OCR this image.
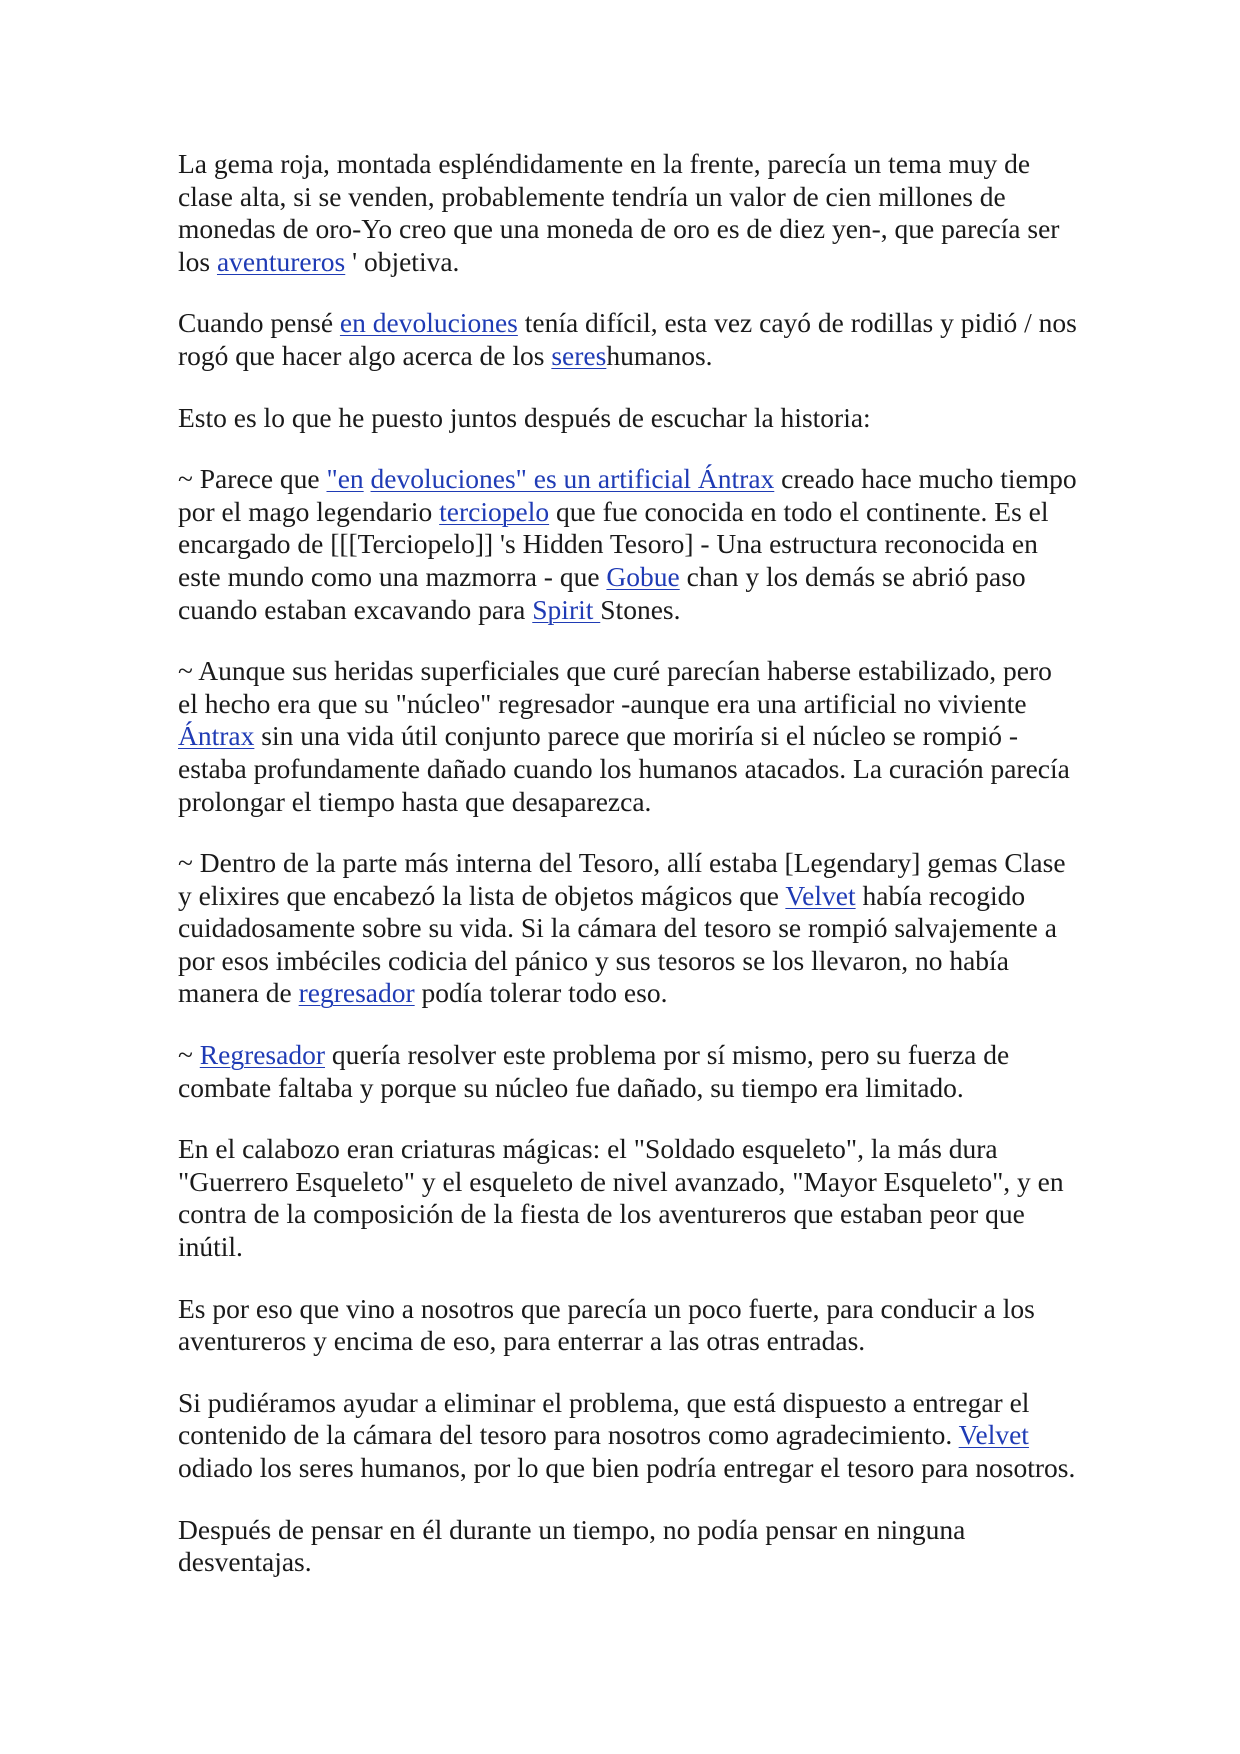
La gema roja, montada espléndidamente en la frente, parecía un tema muy de clase alta, si se venden, probablemente tendría un valor de cien millones de monedas de oro-Yo creo que una moneda de oro es de diez yen-, que parecía ser los aventureros ' objetiva.

Cuando pensé en devoluciones tenía difícil, esta vez cayó de rodillas y pidió / nos rogó que hacer algo acerca de los sereshumanos.

Esto es lo que he puesto juntos después de escuchar la historia:

~ Parece que "en devoluciones" es un artificial Ántrax creado hace mucho tiempo por el mago legendario terciopelo que fue conocida en todo el continente. Es el encargado de [[[Terciopelo]] 's Hidden Tesoro] - Una estructura reconocida en este mundo como una mazmorra - que Gobue chan y los demás se abrió paso cuando estaban excavando para Spirit Stones.

~ Aunque sus heridas superficiales que curé parecían haberse estabilizado, pero el hecho era que su "núcleo" regresador -aunque era una artificial no viviente Ántrax sin una vida útil conjunto parece que moriría si el núcleo se rompió - estaba profundamente dañado cuando los humanos atacados. La curación parecía prolongar el tiempo hasta que desaparezca.

~ Dentro de la parte más interna del Tesoro, allí estaba [Legendary] gemas Clase y elixires que encabezó la lista de objetos mágicos que Velvet había recogido cuidadosamente sobre su vida. Si la cámara del tesoro se rompió salvajemente a por esos imbéciles codicia del pánico y sus tesoros se los llevaron, no había manera de regresador podía tolerar todo eso.

~ Regresador quería resolver este problema por sí mismo, pero su fuerza de combate faltaba y porque su núcleo fue dañado, su tiempo era limitado.

En el calabozo eran criaturas mágicas: el "Soldado esqueleto", la más dura "Guerrero Esqueleto" y el esqueleto de nivel avanzado, "Mayor Esqueleto", y en contra de la composición de la fiesta de los aventureros que estaban peor que inútil.

Es por eso que vino a nosotros que parecía un poco fuerte, para conducir a los aventureros y encima de eso, para enterrar a las otras entradas.

Si pudiéramos ayudar a eliminar el problema, que está dispuesto a entregar el contenido de la cámara del tesoro para nosotros como agradecimiento. Velvet odiado los seres humanos, por lo que bien podría entregar el tesoro para nosotros.

Después de pensar en él durante un tiempo, no podía pensar en ninguna desventajas.
